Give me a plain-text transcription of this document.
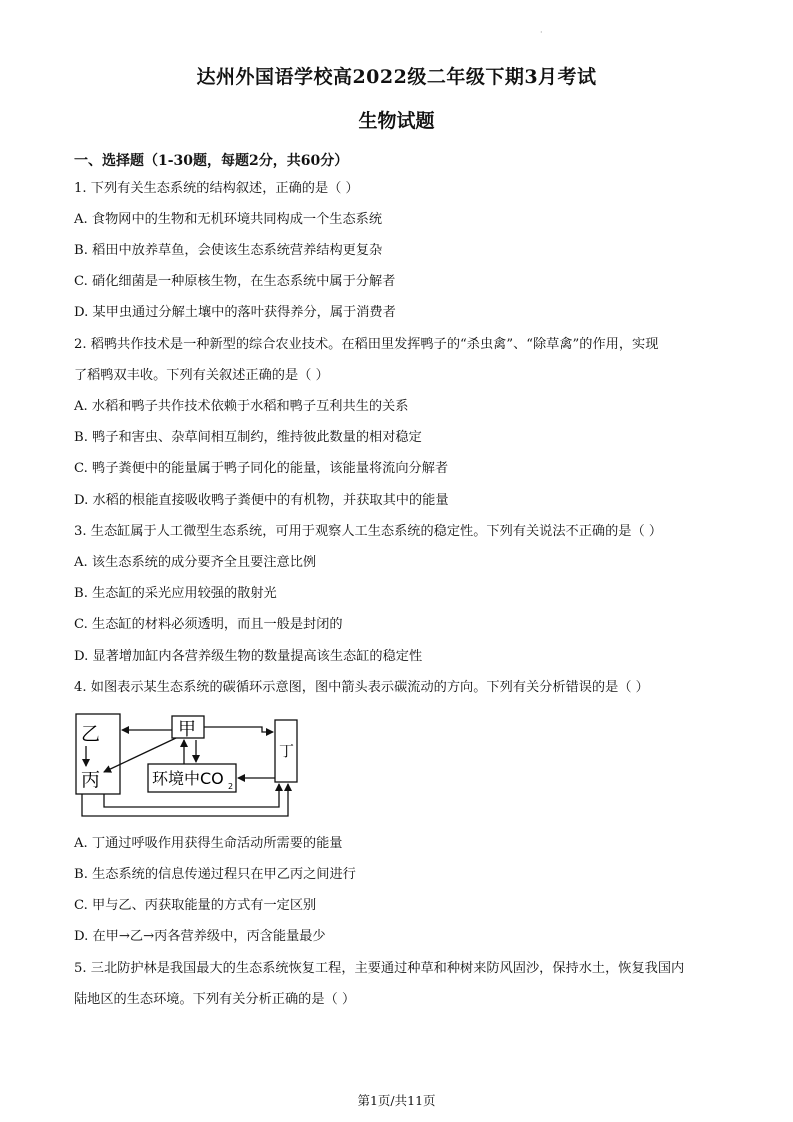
·
达州外国语学校高2022级二年级下期3月考试
生物试题
一、选择题（1-30题，每题2分，共60分）
1. 下列有关生态系统的结构叙述，正确的是（ ）
A. 食物网中的生物和无机环境共同构成一个生态系统
B. 稻田中放养草鱼，会使该生态系统营养结构更复杂
C. 硝化细菌是一种原核生物，在生态系统中属于分解者
D. 某甲虫通过分解土壤中的落叶获得养分，属于消费者
2. 稻鸭共作技术是一种新型的综合农业技术。在稻田里发挥鸭子的“杀虫禽”、“除草禽”的作用，实现
了稻鸭双丰收。下列有关叙述正确的是（ ）
A. 水稻和鸭子共作技术依赖于水稻和鸭子互利共生的关系
B. 鸭子和害虫、杂草间相互制约，维持彼此数量的相对稳定
C. 鸭子粪便中的能量属于鸭子同化的能量，该能量将流向分解者
D. 水稻的根能直接吸收鸭子粪便中的有机物，并获取其中的能量
3. 生态缸属于人工微型生态系统，可用于观察人工生态系统的稳定性。下列有关说法不正确的是（ ）
A. 该生态系统的成分要齐全且要注意比例
B. 生态缸的采光应用较强的散射光
C. 生态缸的材料必须透明，而且一般是封闭的
D. 显著增加缸内各营养级生物的数量提高该生态缸的稳定性
4. 如图表示某生态系统的碳循环示意图，图中箭头表示碳流动的方向。下列有关分析错误的是（ ）
乙
丙
甲
丁
环境中CO 2
A. 丁通过呼吸作用获得生命活动所需要的能量
B. 生态系统的信息传递过程只在甲乙丙之间进行
C. 甲与乙、丙获取能量的方式有一定区别
D. 在甲→乙→丙各营养级中，丙含能量最少
5. 三北防护林是我国最大的生态系统恢复工程，主要通过种草和种树来防风固沙，保持水土，恢复我国内
陆地区的生态环境。下列有关分析正确的是（ ）
第1页/共11页
